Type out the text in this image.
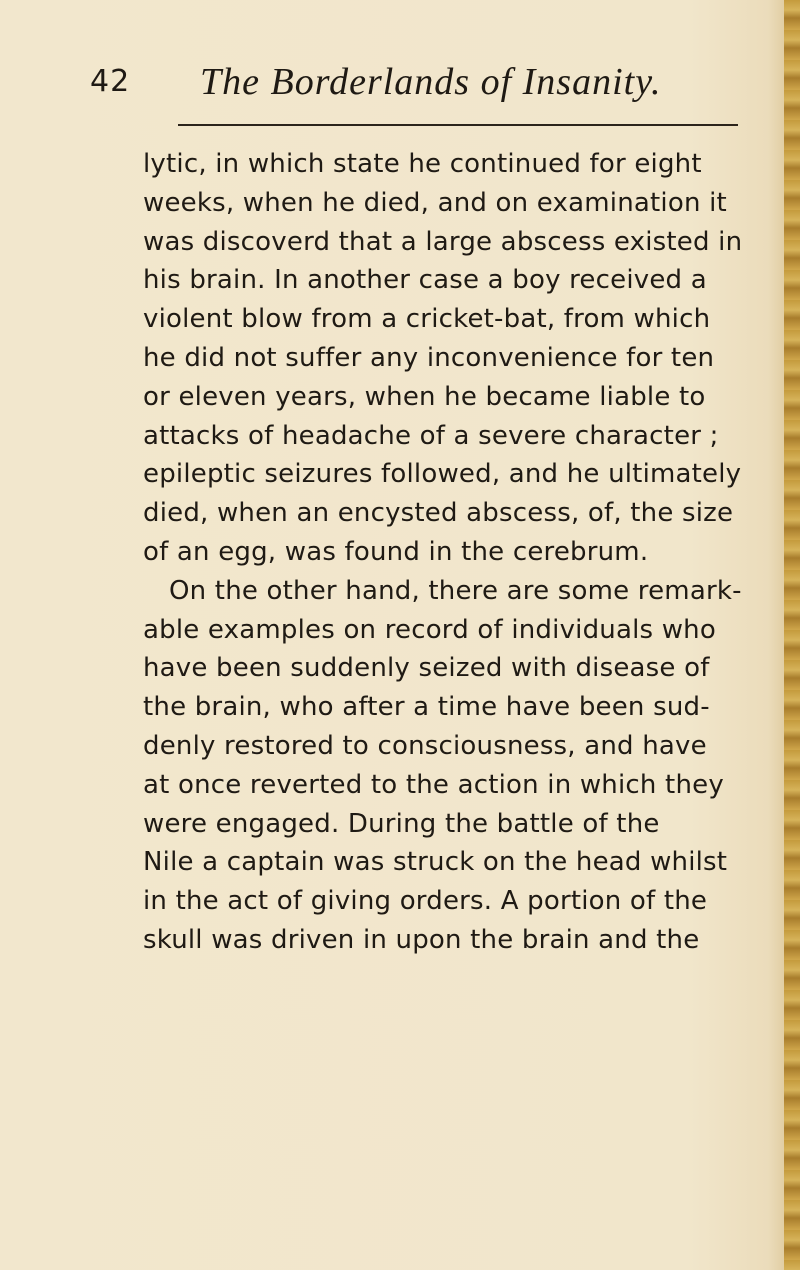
42 The Borderlands of Insanity.
lytic, in which state he continued for eight
weeks, when he died, and on examination it
was discoverd that a large abscess existed in
his brain. In another case a boy received a
violent blow from a cricket-bat, from which
he did not suffer any inconvenience for ten
or eleven years, when he became liable to
attacks of headache of a severe character ;
epileptic seizures followed, and he ultimately
died, when an encysted abscess, of, the size
of an egg, was found in the cerebrum.
On the other hand, there are some remark-
able examples on record of individuals who
have been suddenly seized with disease of
the brain, who after a time have been sud-
denly restored to consciousness, and have
at once reverted to the action in which they
were engaged. During the battle of the
Nile a captain was struck on the head whilst
in the act of giving orders. A portion of the
skull was driven in upon the brain and the
